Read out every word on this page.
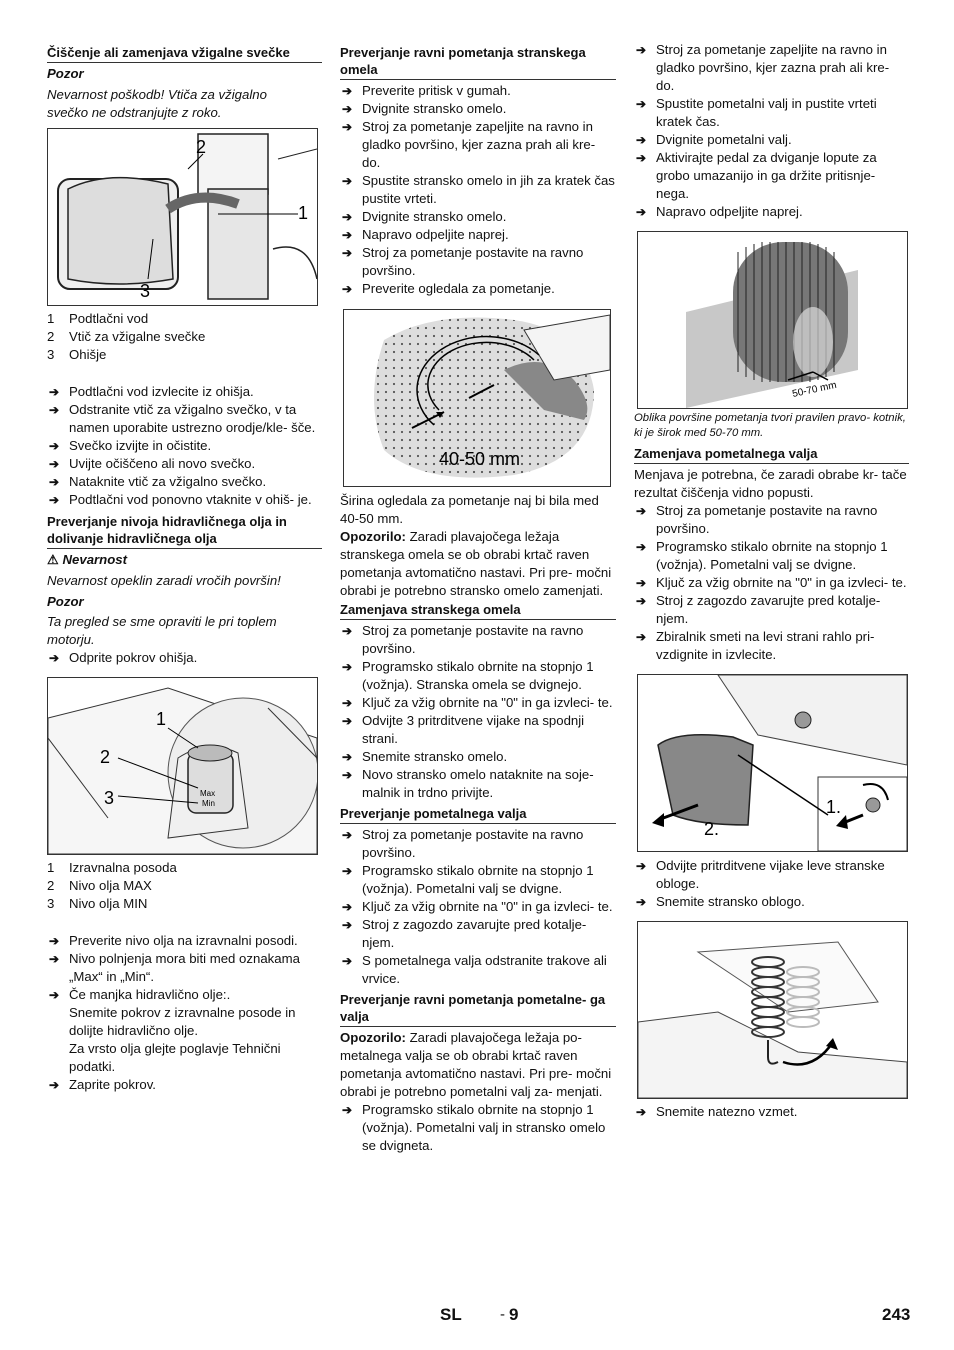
Čiščenje ali zamenjava vžigalne svečke

Pozor

Nevarnost poškodb! Vtiča za vžigalno

svečko ne odstranjujte z roko.

2
1
3
1	Podtlačni vod
2	Vtič za vžigalne svečke
3	Ohišje

➔ Podtlačni vod izvlecite iz ohišja.

➔ Odstranite vtič za vžigalno svečko, v ta namen uporabite ustrezno orodje/kle- šče.

➔ Svečko izvijte in očistite.

➔ Uvijte očiščeno ali novo svečko.

➔ Nataknite vtič za vžigalno svečko.

➔ Podtlačni vod ponovno vtaknite v ohiš- je.

Preverjanje nivoja hidravličnega olja in dolivanje hidravličnega olja

⚠ Nevarnost

Nevarnost opeklin zaradi vročih površin!

Pozor

Ta pregled se sme opraviti le pri toplem motorju.

➔ Odprite pokrov ohišja.

1
2
3	Max
Min
1	Izravnalna posoda
2	Nivo olja MAX
3	Nivo olja MIN

➔ Preverite nivo olja na izravnalni posodi.

➔ Nivo polnjenja mora biti med oznakama „Max“ in „Min“.

➔ Če manjka hidravlično olje:.

Snemite pokrov z izravnalne posode in dolijte hidravlično olje.

Za vrsto olja glejte poglavje Tehnični podatki.

➔ Zaprite pokrov.

Preverjanje ravni pometanja stranskega omela

➔ Preverite pritisk v gumah.

➔ Dvignite stransko omelo.

➔ Stroj za pometanje zapeljite na ravno in gladko površino, kjer zazna prah ali kre- do.

➔ Spustite stransko omelo in jih za kratek čas pustite vrteti.

➔ Dvignite stransko omelo.

➔ Napravo odpeljite naprej.

➔ Stroj za pometanje postavite na ravno površino.

➔ Preverite ogledala za pometanje.

40-50 mm

Širina ogledala za pometanje naj bi bila med 40-50 mm.

Opozorilo: Zaradi plavajočega ležaja stranskega omela se ob obrabi krtač raven pometanja avtomatično nastavi. Pri pre- močni obrabi je potrebno stransko omelo zamenjati.

Zamenjava stranskega omela

➔ Stroj za pometanje postavite na ravno površino.

➔ Programsko stikalo obrnite na stopnjo 1 (vožnja). Stranska omela se dvignejo.

➔ Ključ za vžig obrnite na "0" in ga izvleci- te.

➔ Odvijte 3 pritrditvene vijake na spodnji strani.

➔ Snemite stransko omelo.

➔ Novo stransko omelo nataknite na soje- malnik in trdno privijte.

Preverjanje pometalnega valja

➔ Stroj za pometanje postavite na ravno površino.

➔ Programsko stikalo obrnite na stopnjo 1 (vožnja). Pometalni valj se dvigne.

➔ Ključ za vžig obrnite na "0" in ga izvleci- te.

➔ Stroj z zagozdo zavarujte pred kotalje- njem.

➔ S pometalnega valja odstranite trakove ali vrvice.

Preverjanje ravni pometanja pometalne- ga valja

Opozorilo: Zaradi plavajočega ležaja po- metalnega valja se ob obrabi krtač raven pometanja avtomatično nastavi. Pri pre- močni obrabi je potrebno pometalni valj za- menjati.

➔ Programsko stikalo obrnite na stopnjo 1 (vožnja). Pometalni valj in stransko omelo se dvigneta.

➔ Stroj za pometanje zapeljite na ravno in gladko površino, kjer zazna prah ali kre- do.

➔ Spustite pometalni valj in pustite vrteti kratek čas.

➔ Dvignite pometalni valj.

➔ Aktivirajte pedal za dviganje lopute za grobo umazanijo in ga držite pritisnje- nega.

➔ Napravo odpeljite naprej.

50-70 mm

Oblika površine pometanja tvori pravilen pravo- kotnik, ki je širok med 50-70 mm.

Zamenjava pometalnega valja

Menjava je potrebna, če zaradi obrabe kr- tače rezultat čiščenja vidno popusti.

➔ Stroj za pometanje postavite na ravno površino.

➔ Programsko stikalo obrnite na stopnjo 1 (vožnja). Pometalni valj se dvigne.

➔ Ključ za vžig obrnite na "0" in ga izvleci- te.

➔ Stroj z zagozdo zavarujte pred kotalje- njem.

➔ Zbiralnik smeti na levi strani rahlo pri- vzdignite in izvlecite.

1.
2.

➔ Odvijte pritrditvene vijake leve stranske obloge.

➔ Snemite stransko oblogo.

➔ Snemite natezno vzmet.

SL	- 9	243
